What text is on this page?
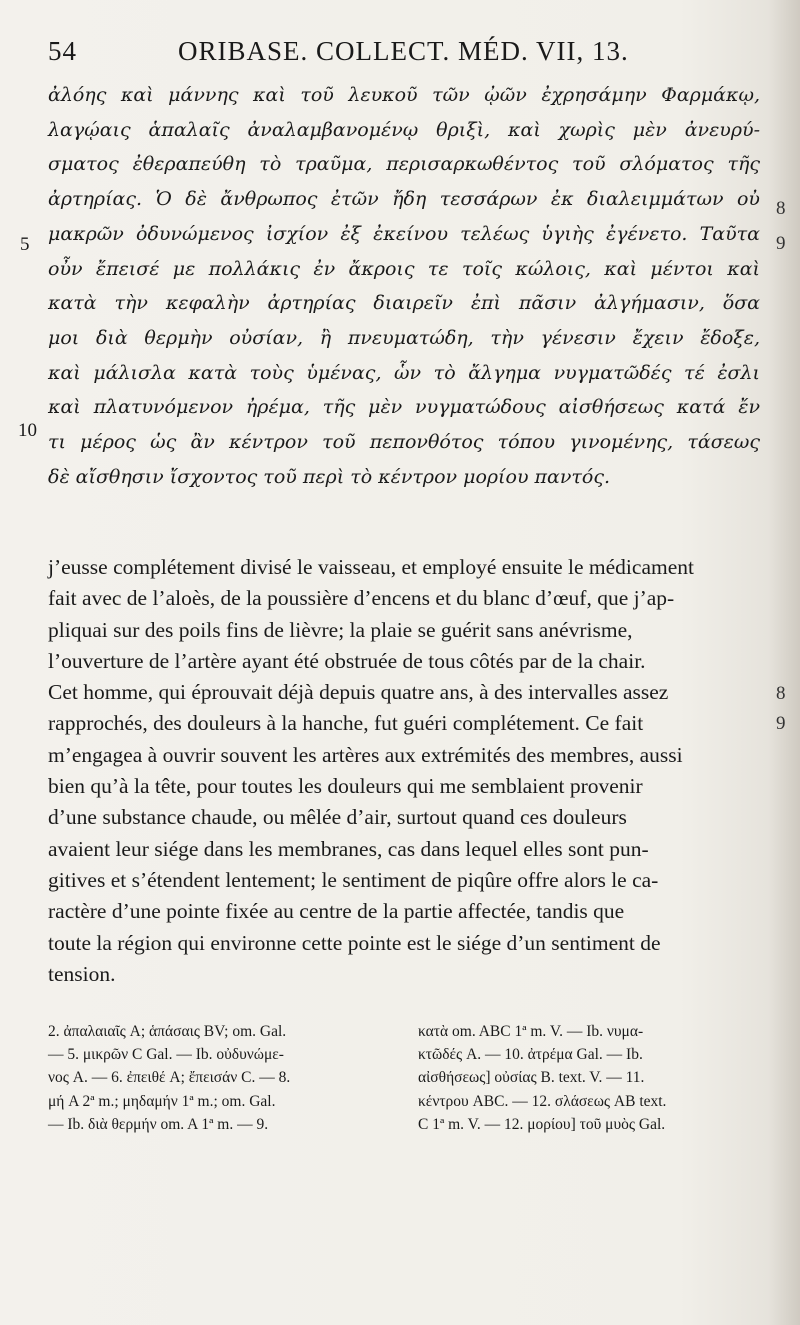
54	ORIBASE. COLLECT. MÉD. VII, 13.
ἀλόης καὶ μάννης καὶ τοῦ λευκοῦ τῶν ᾠῶν ἐχρησάμην Φαρμάκῳ,
λαγῴαις ἁπαλαῖς ἀναλαμβανομένῳ θριξὶ, καὶ χωρὶς μὲν ἀνευρύ-
σματος ἐθεραπεύθη τὸ τραῦμα, περισαρκωθέντος τοῦ σλόματος τῆς
ἀρτηρίας. Ὁ δὲ ἄνθρωπος ἐτῶν ἤδη τεσσάρων ἐκ διαλειμμάτων οὐ
μακρῶν ὀδυνώμενος ἰσχίον ἐξ ἐκείνου τελέως ὑγιὴς ἐγένετο. Ταῦτα
οὖν ἔπεισέ με πολλάκις ἐν ἄκροις τε τοῖς κώλοις, καὶ μέντοι καὶ
κατὰ τὴν κεφαλὴν ἀρτηρίας διαιρεῖν ἐπὶ πᾶσιν ἀλγήμασιν, ὅσα
μοι διὰ θερμὴν οὐσίαν, ἢ πνευματώδη, τὴν γένεσιν ἔχειν ἔδοξε,
καὶ μάλισλα κατὰ τοὺς ὑμένας, ὧν τὸ ἄλγημα νυγματῶδές τέ ἐσλι
καὶ πλατυνόμενον ἠρέμα, τῆς μὲν νυγματώδους αἰσθήσεως κατά ἔν
τι μέρος ὡς ἂν κέντρον τοῦ πεπονθότος τόπου γινομένης, τάσεως
δὲ αἴσθησιν ἴσχοντος τοῦ περὶ τὸ κέντρον μορίου παντός.
5
10
8
9
j’eusse complétement divisé le vaisseau, et employé ensuite le médicament
fait avec de l’aloès, de la poussière d’encens et du blanc d’œuf, que j’ap-
pliquai sur des poils fins de lièvre; la plaie se guérit sans anévrisme,
l’ouverture de l’artère ayant été obstruée de tous côtés par de la chair.
Cet homme, qui éprouvait déjà depuis quatre ans, à des intervalles assez
rapprochés, des douleurs à la hanche, fut guéri complétement. Ce fait
m’engagea à ouvrir souvent les artères aux extrémités des membres, aussi
bien qu’à la tête, pour toutes les douleurs qui me semblaient provenir
d’une substance chaude, ou mêlée d’air, surtout quand ces douleurs
avaient leur siége dans les membranes, cas dans lequel elles sont pun-
gitives et s’étendent lentement; le sentiment de piqûre offre alors le ca-
ractère d’une pointe fixée au centre de la partie affectée, tandis que
toute la région qui environne cette pointe est le siége d’un sentiment de
tension.
8
9
2. ἀπαλαιαῖς A; ἁπάσαις BV; om. Gal.
— 5. μικρῶν C Gal. — Ib. οὐδυνώμε-
νος A. — 6. ἐπειθέ A; ἔπεισάν C. — 8.
μή A 2ª m.; μηδαμήν 1ª m.; om. Gal.
— Ib. διὰ θερμήν om. A 1ª m. — 9.
κατὰ om. ABC 1ª m. V. — Ib. νυμα-
κτῶδές A. — 10. ἀτρέμα Gal. — Ib.
αἰσθήσεως] οὐσίας B. text. V. — 11.
κέντρου ABC. — 12. σλάσεως AB text.
C 1ª m. V. — 12. μορίου] τοῦ μυὸς Gal.
